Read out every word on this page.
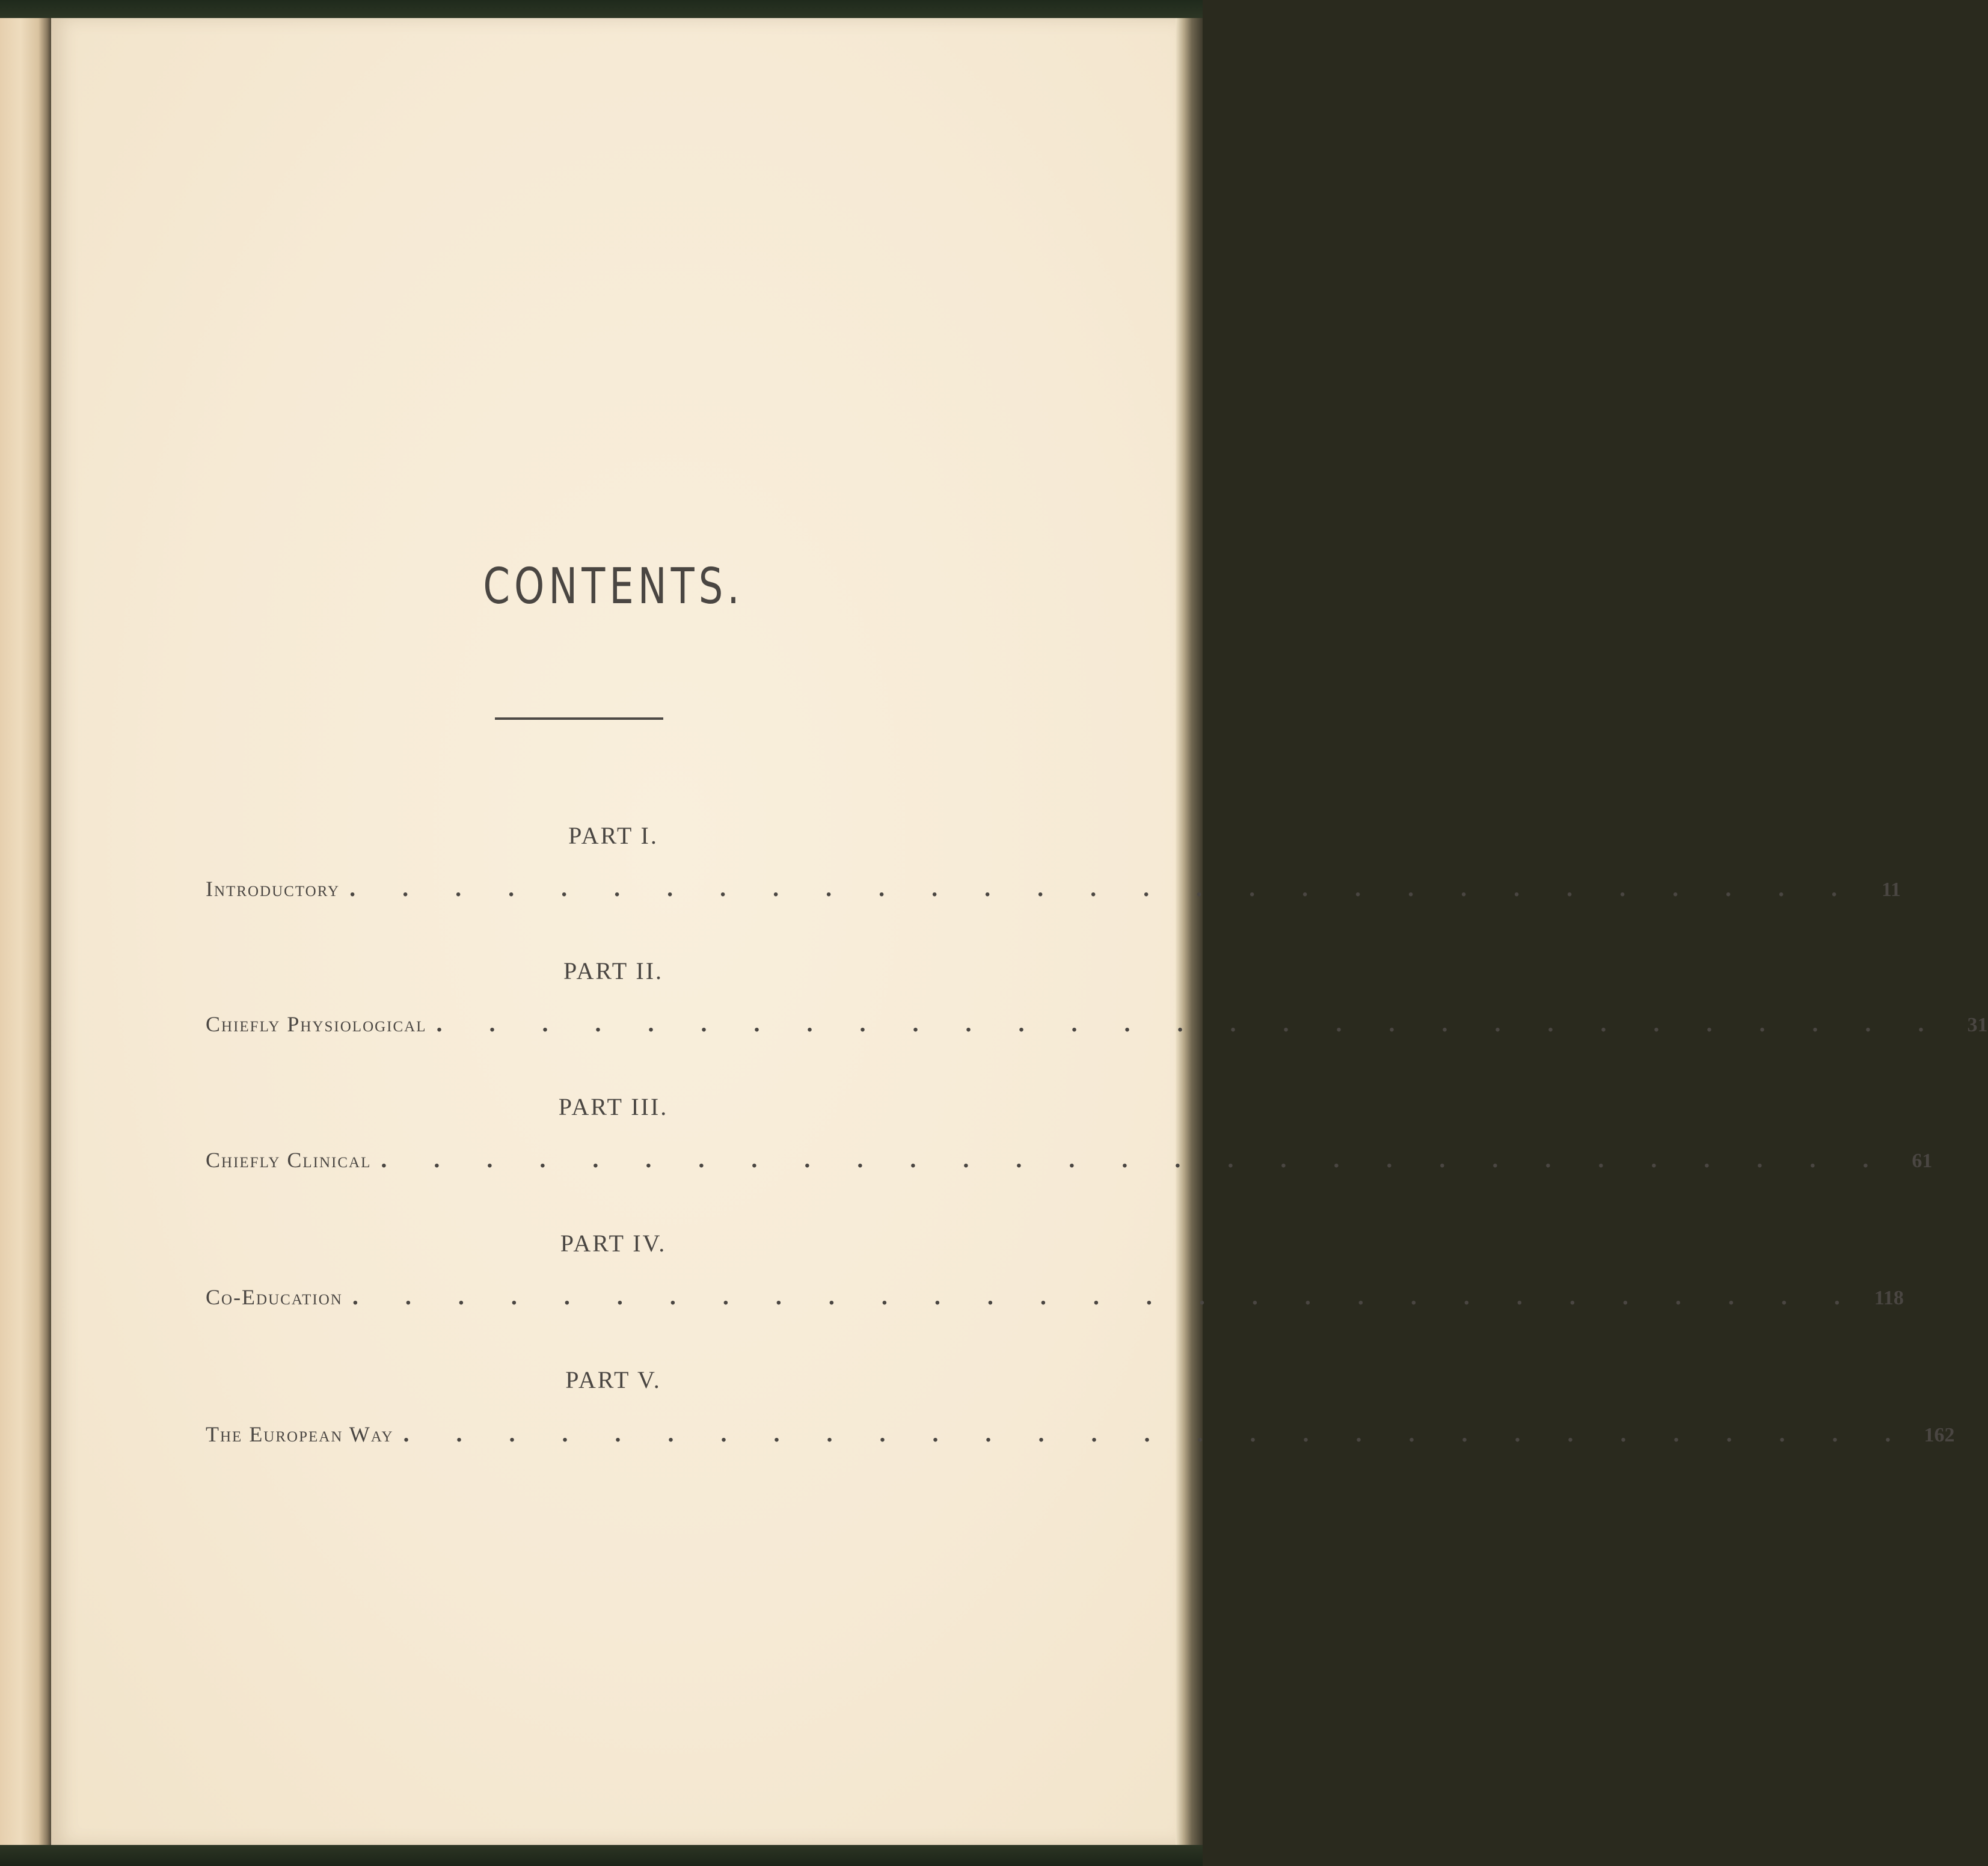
CONTENTS.
PART I.
Introductory . . . . . . . . . . . . . . . . . . . . . . . . . . . . .	11
PART II.
Chiefly Physiological . . . . . . . . . . . . . . . . . . . . . . . . . . . . .	31
PART III.
Chiefly Clinical . . . . . . . . . . . . . . . . . . . . . . . . . . . . .	61
PART IV.
Co-Education . . . . . . . . . . . . . . . . . . . . . . . . . . . . . 118
PART V.
The European Way . . . . . . . . . . . . . . . . . . . . . . . . . . . . . 162
